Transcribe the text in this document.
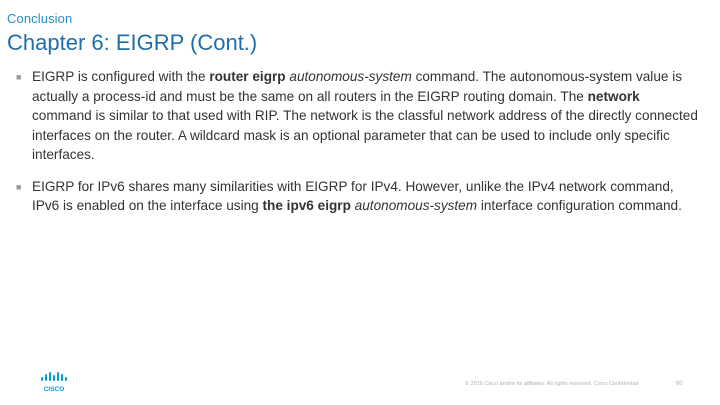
Conclusion
Chapter 6: EIGRP (Cont.)
■ EIGRP is configured with the router eigrp autonomous-system command. The autonomous-system value is actually a process-id and must be the same on all routers in the EIGRP routing domain. The network command is similar to that used with RIP. The network is the classful network address of the directly connected interfaces on the router. A wildcard mask is an optional parameter that can be used to include only specific interfaces.
■ EIGRP for IPv6 shares many similarities with EIGRP for IPv4. However, unlike the IPv4 network command, IPv6 is enabled on the interface using the ipv6 eigrp autonomous-system interface configuration command.
CISCO
© 2016 Cisco and/or its affiliates. All rights reserved. Cisco Confidential	60
